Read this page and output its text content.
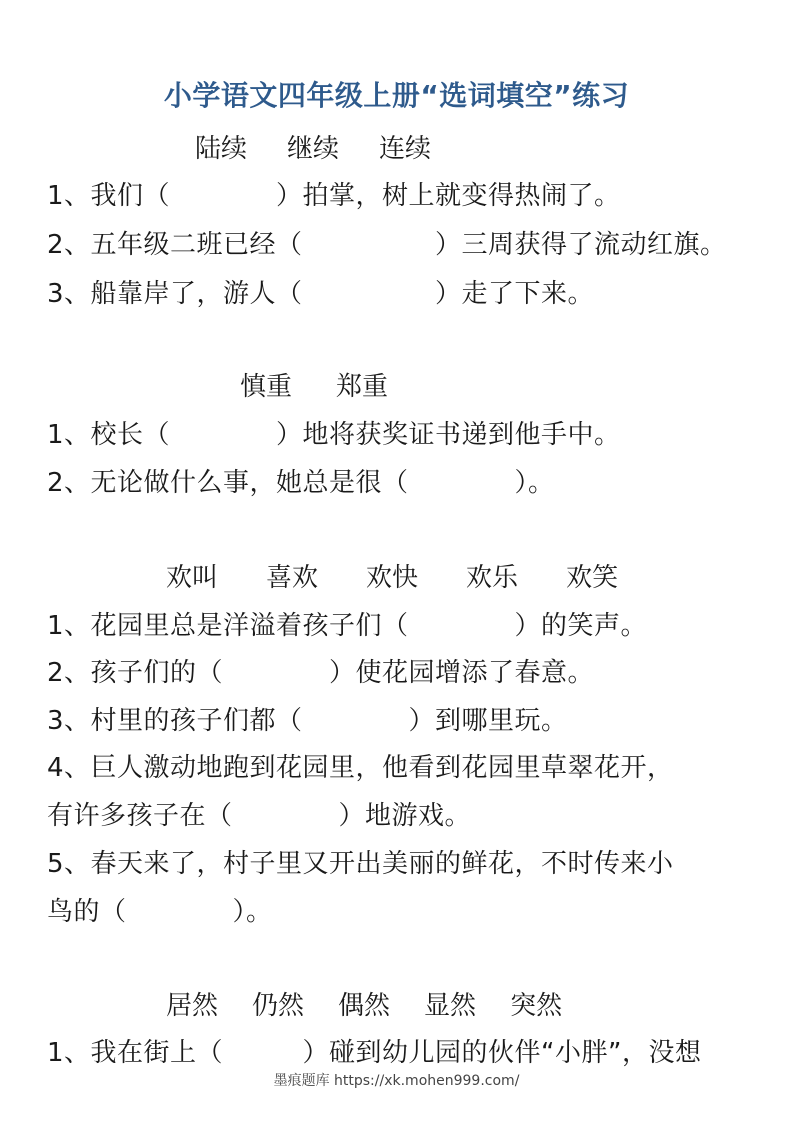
小学语文四年级上册“选词填空”练习
陆续 继续 连续
1、我们（　　　　）拍掌，树上就变得热闹了。
2、五年级二班已经（　　　　　）三周获得了流动红旗。
3、船靠岸了，游人（　　　　　）走了下来。
慎重 郑重
1、校长（　　　　）地将获奖证书递到他手中。
2、无论做什么事，她总是很（　　　　）。
欢叫 喜欢 欢快 欢乐 欢笑
1、花园里总是洋溢着孩子们（　　　　）的笑声。
2、孩子们的（　　　　）使花园增添了春意。
3、村里的孩子们都（　　　　）到哪里玩。
4、巨人激动地跑到花园里，他看到花园里草翠花开，
有许多孩子在（　　　　）地游戏。
5、春天来了，村子里又开出美丽的鲜花，不时传来小
鸟的（　　　　）。
居然 仍然 偶然 显然 突然
1、我在街上（　　　）碰到幼儿园的伙伴“小胖”，没想
墨痕题库 https://xk.mohen999.com/
